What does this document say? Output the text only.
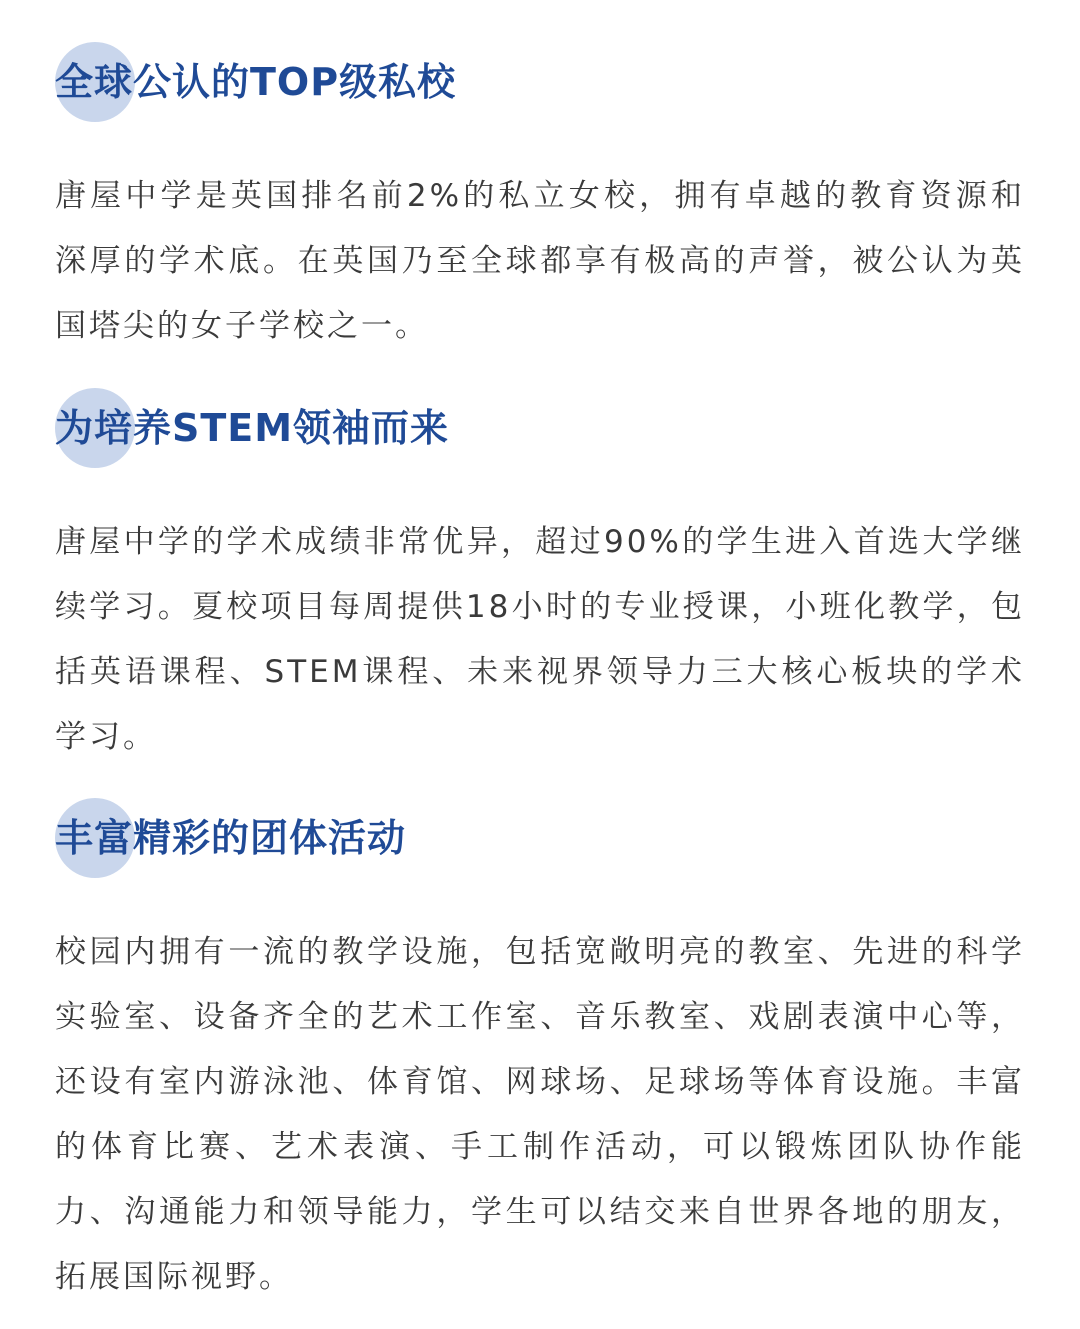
全球公认的TOP级私校

唐屋中学是英国排名前2%的私立女校，拥有卓越的教育资源和深厚的学术底。在英国乃至全球都享有极高的声誉，被公认为英国塔尖的女子学校之一。

为培养STEM领袖而来

唐屋中学的学术成绩非常优异，超过90%的学生进入首选大学继续学习。夏校项目每周提供18小时的专业授课，小班化教学，包括英语课程、STEM课程、未来视界领导力三大核心板块的学术学习。

丰富精彩的团体活动

校园内拥有一流的教学设施，包括宽敞明亮的教室、先进的科学实验室、设备齐全的艺术工作室、音乐教室、戏剧表演中心等，还设有室内游泳池、体育馆、网球场、足球场等体育设施。丰富的体育比赛、艺术表演、手工制作活动，可以锻炼团队协作能力、沟通能力和领导能力，学生可以结交来自世界各地的朋友，拓展国际视野。
